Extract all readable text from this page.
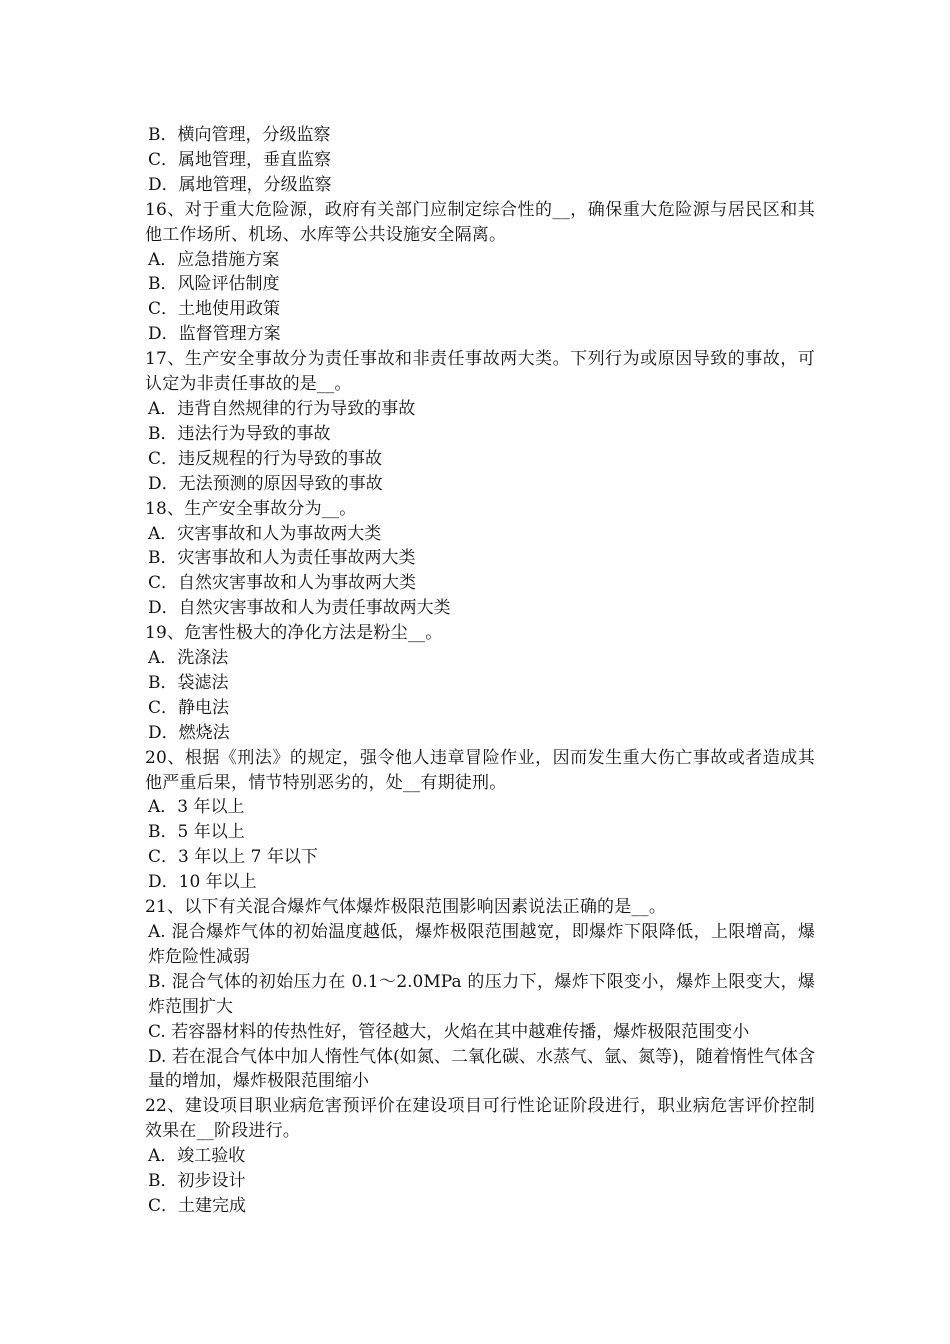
B．横向管理，分级监察
C．属地管理，垂直监察
D．属地管理，分级监察
16、对于重大危险源，政府有关部门应制定综合性的__，确保重大危险源与居民区和其他工作场所、机场、水库等公共设施安全隔离。
A．应急措施方案
B．风险评估制度
C．土地使用政策
D．监督管理方案
17、生产安全事故分为责任事故和非责任事故两大类。下列行为或原因导致的事故，可认定为非责任事故的是__。
A．违背自然规律的行为导致的事故
B．违法行为导致的事故
C．违反规程的行为导致的事故
D．无法预测的原因导致的事故
18、生产安全事故分为__。
A．灾害事故和人为事故两大类
B．灾害事故和人为责任事故两大类
C．自然灾害事故和人为事故两大类
D．自然灾害事故和人为责任事故两大类
19、危害性极大的净化方法是粉尘__。
A．洗涤法
B．袋滤法
C．静电法
D．燃烧法
20、根据《刑法》的规定，强令他人违章冒险作业，因而发生重大伤亡事故或者造成其他严重后果，情节特别恶劣的，处__有期徒刑。
A．3 年以上
B．5 年以上
C．3 年以上 7 年以下
D．10 年以上
21、以下有关混合爆炸气体爆炸极限范围影响因素说法正确的是__。
A. 混合爆炸气体的初始温度越低，爆炸极限范围越宽，即爆炸下限降低，上限增高，爆炸危险性减弱
B. 混合气体的初始压力在 0.1～2.0MPa 的压力下，爆炸下限变小，爆炸上限变大，爆炸范围扩大
C. 若容器材料的传热性好，管径越大，火焰在其中越难传播，爆炸极限范围变小
D. 若在混合气体中加人惰性气体(如氮、二氧化碳、水蒸气、氩、氮等)，随着惰性气体含量的增加，爆炸极限范围缩小
22、建设项目职业病危害预评价在建设项目可行性论证阶段进行，职业病危害评价控制效果在__阶段进行。
A．竣工验收
B．初步设计
C．土建完成
